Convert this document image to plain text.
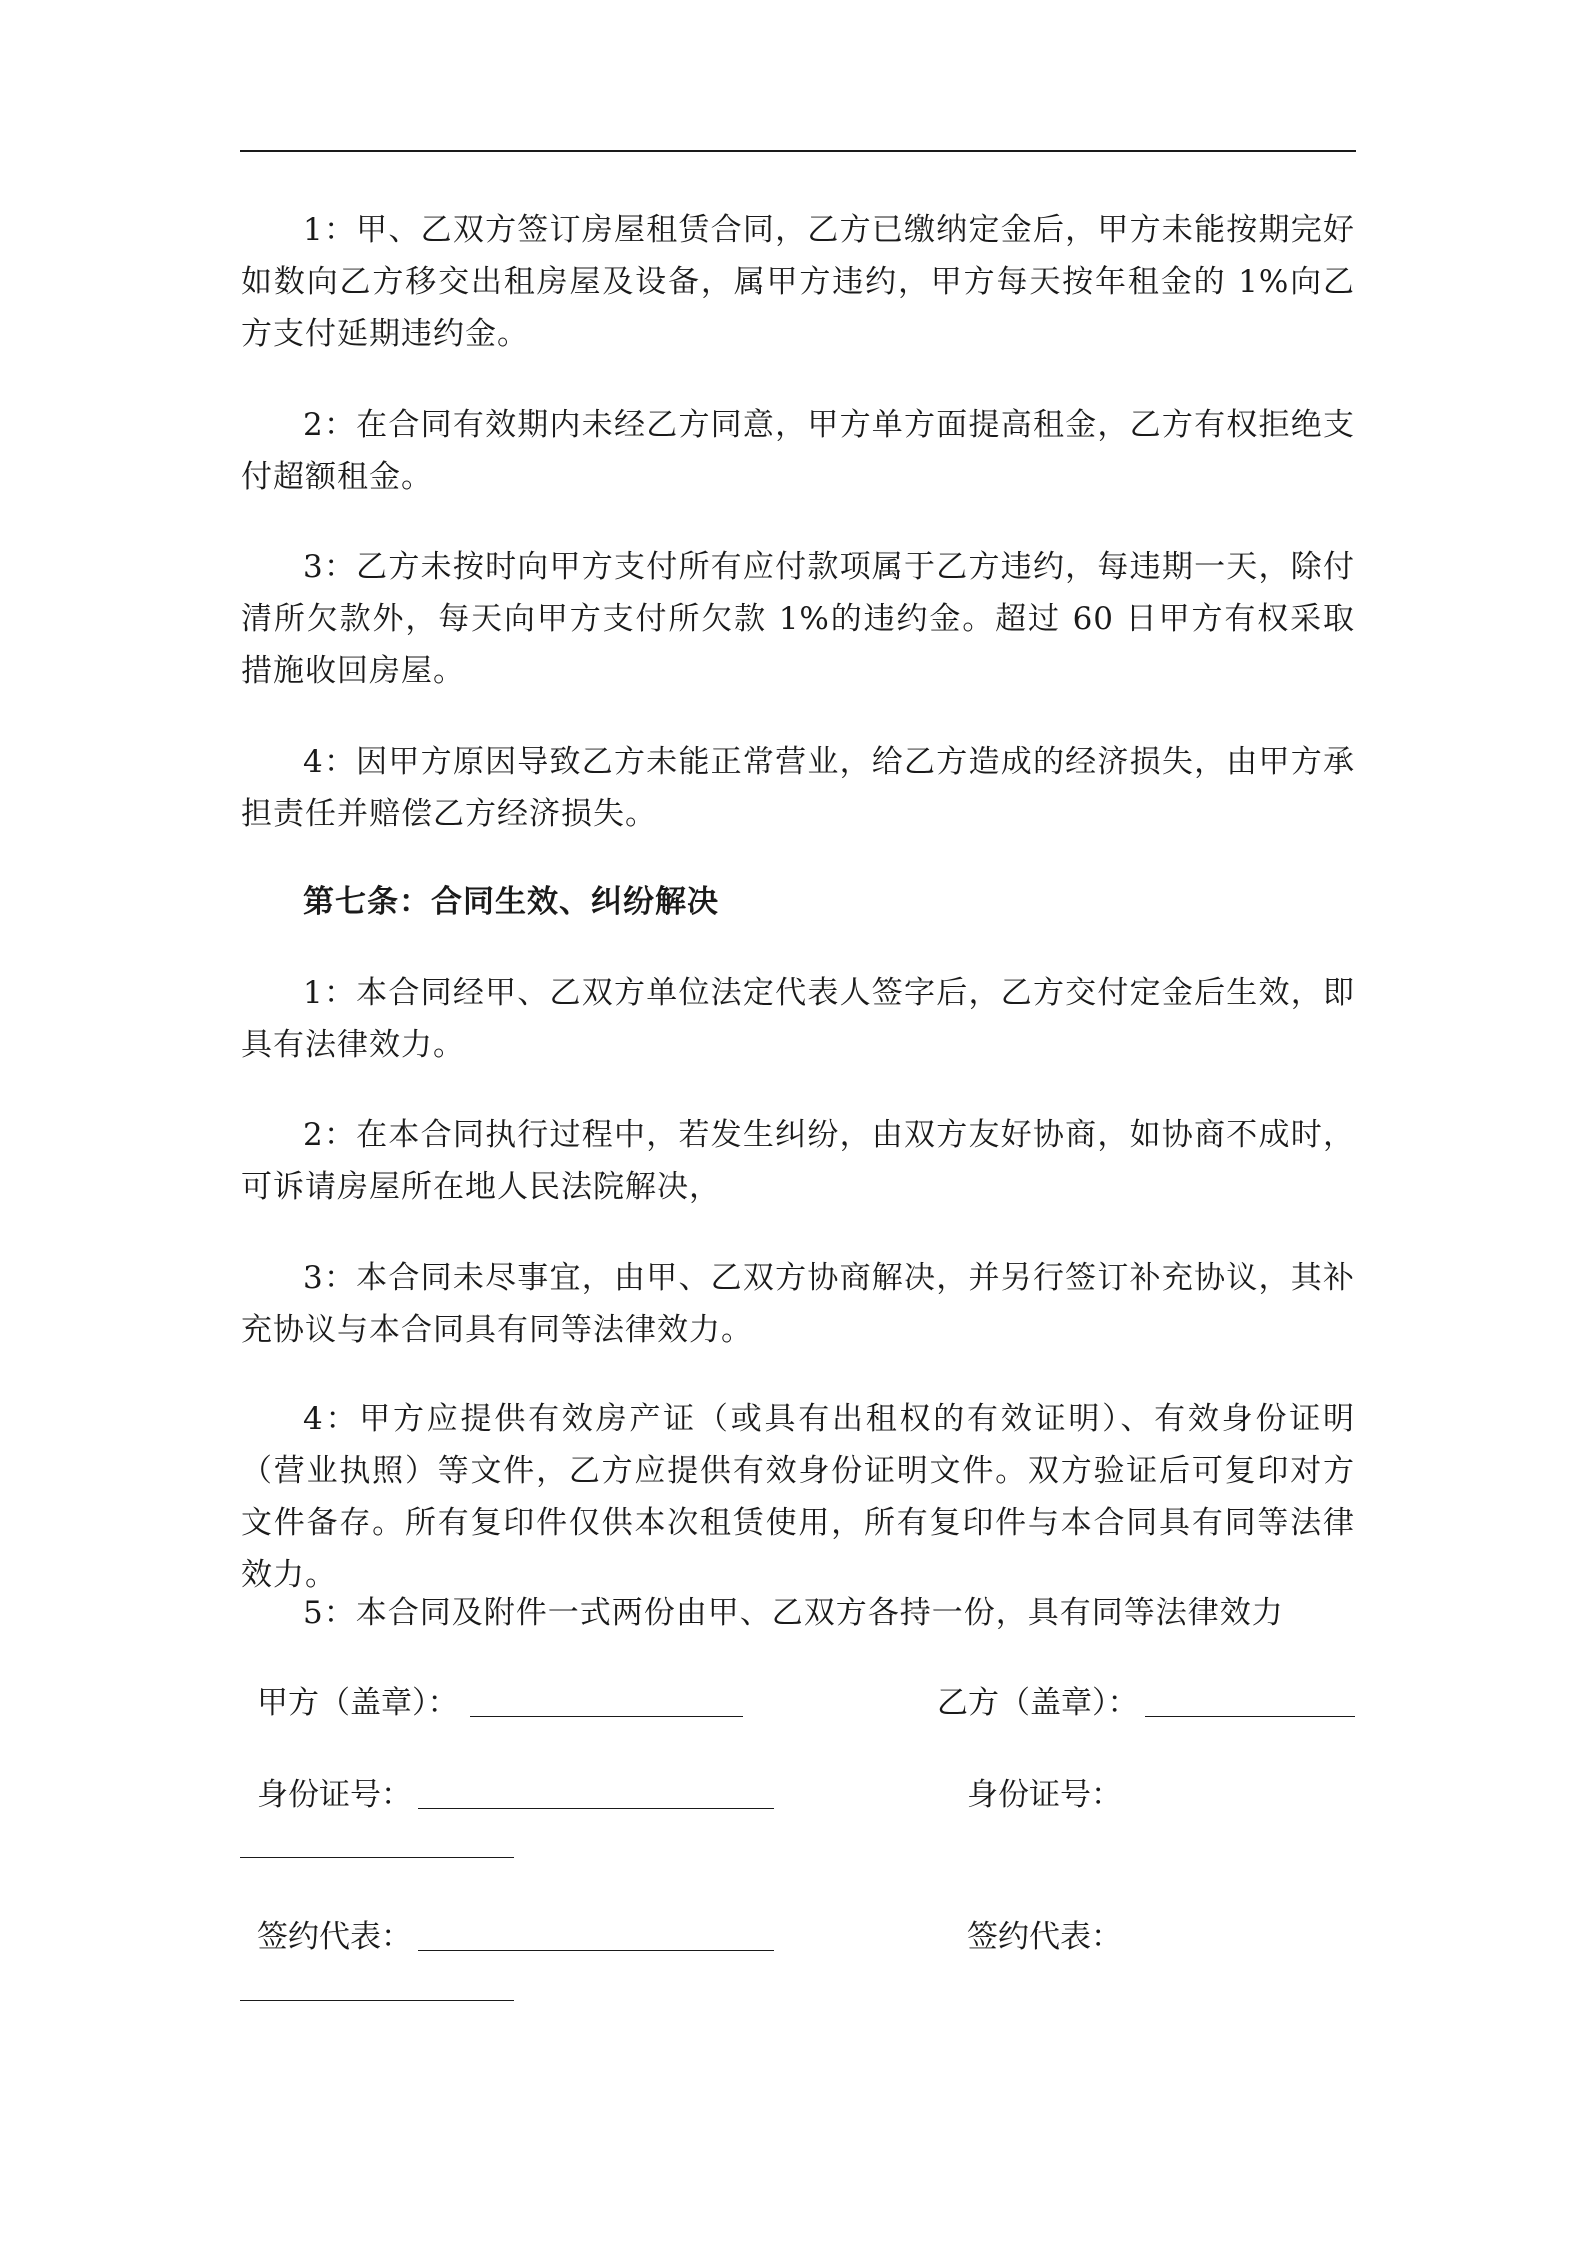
1：甲、乙双方签订房屋租赁合同，乙方已缴纳定金后，甲方未能按期完好如数向乙方移交出租房屋及设备，属甲方违约，甲方每天按年租金的 1%向乙方支付延期违约金。

2：在合同有效期内未经乙方同意，甲方单方面提高租金，乙方有权拒绝支付超额租金。

3：乙方未按时向甲方支付所有应付款项属于乙方违约，每违期一天，除付清所欠款外，每天向甲方支付所欠款 1%的违约金。超过 60 日甲方有权采取措施收回房屋。

4：因甲方原因导致乙方未能正常营业，给乙方造成的经济损失，由甲方承担责任并赔偿乙方经济损失。

第七条：合同生效、纠纷解决

1：本合同经甲、乙双方单位法定代表人签字后，乙方交付定金后生效，即具有法律效力。

2：在本合同执行过程中，若发生纠纷，由双方友好协商，如协商不成时，可诉请房屋所在地人民法院解决，

3：本合同未尽事宜，由甲、乙双方协商解决，并另行签订补充协议，其补充协议与本合同具有同等法律效力。

4：甲方应提供有效房产证（或具有出租权的有效证明）、有效身份证明（营业执照）等文件，乙方应提供有效身份证明文件。双方验证后可复印对方文件备存。所有复印件仅供本次租赁使用，所有复印件与本合同具有同等法律效力。

5：本合同及附件一式两份由甲、乙双方各持一份，具有同等法律效力

甲方（盖章）：	乙方（盖章）：
身份证号：	身份证号：
签约代表：	签约代表：
